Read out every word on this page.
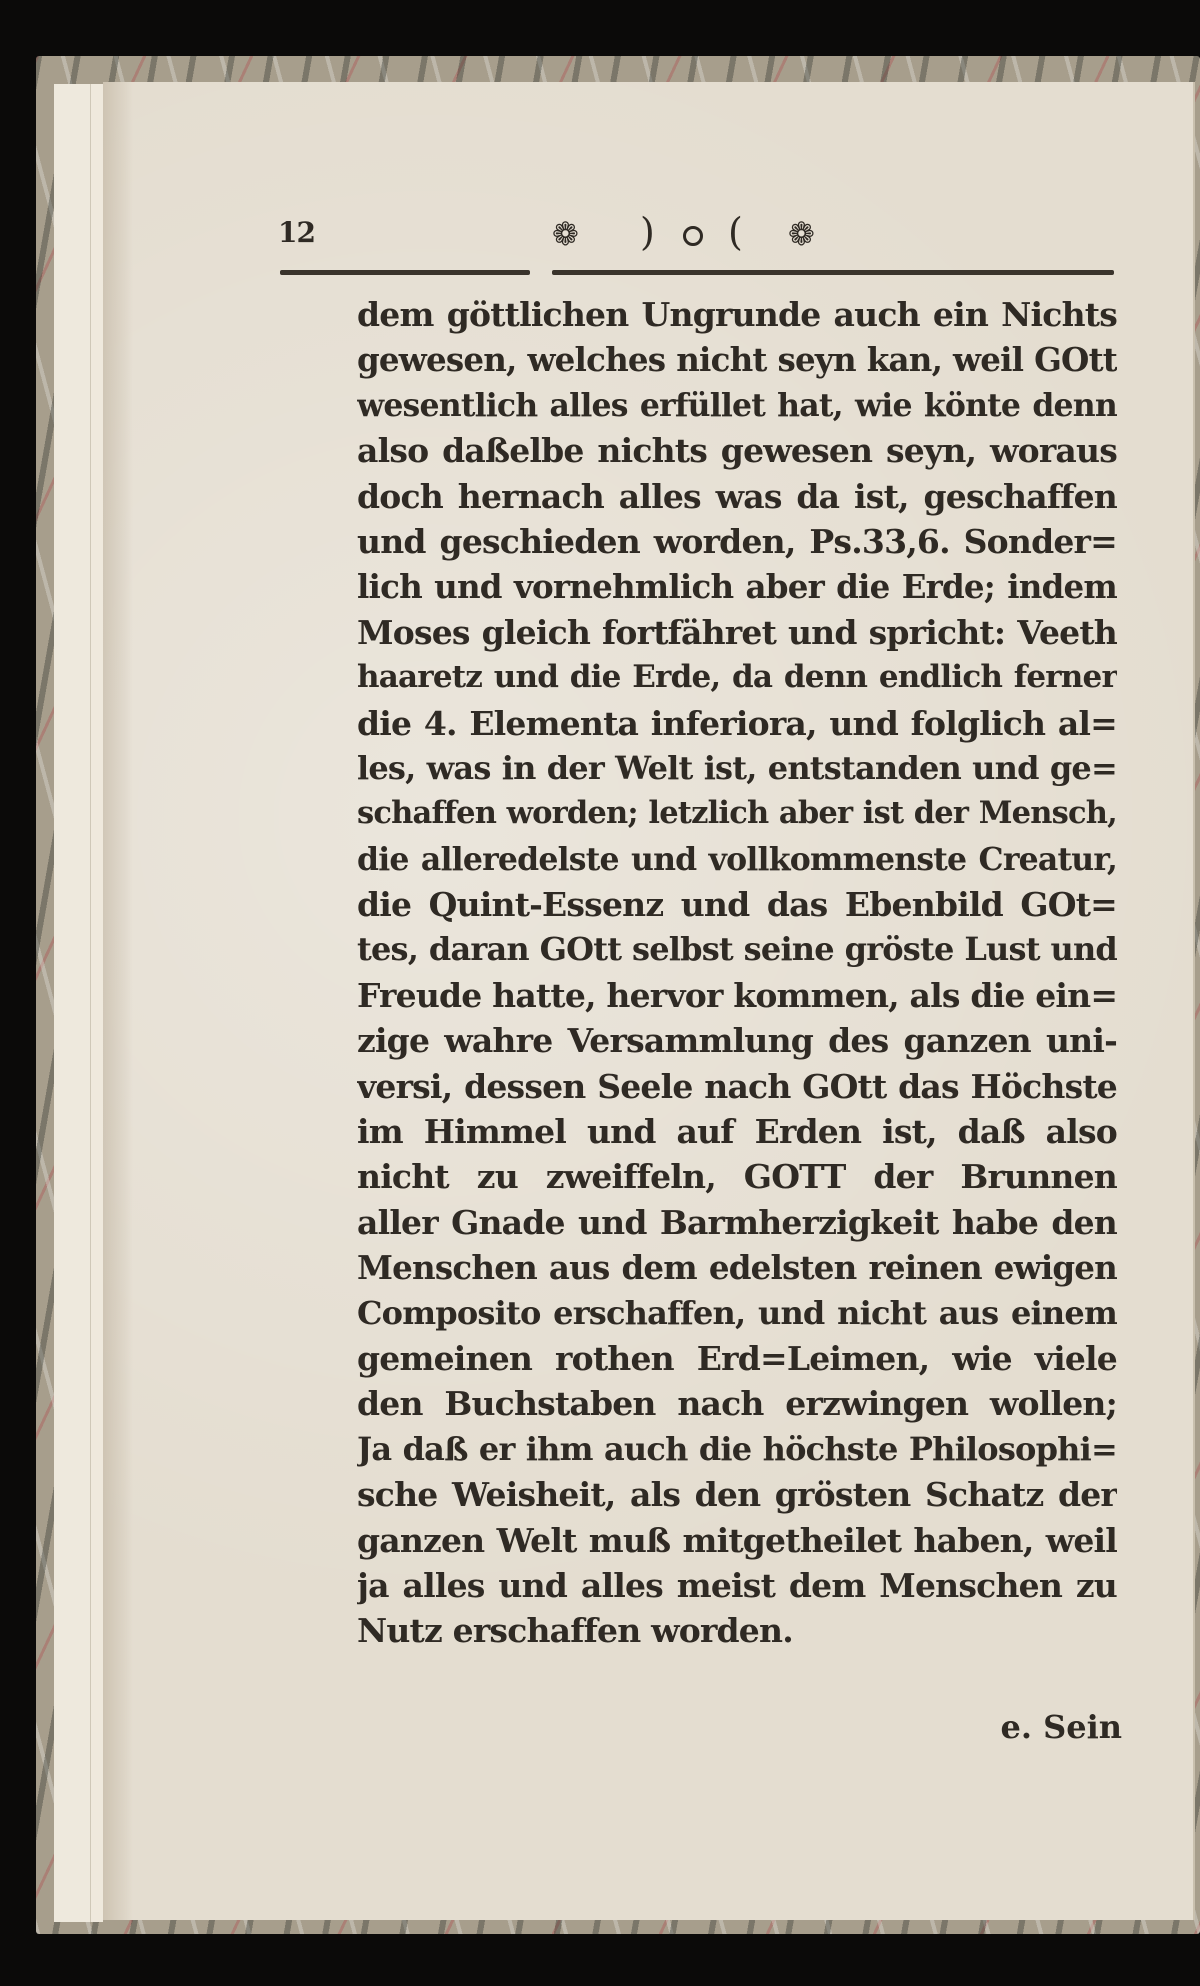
12	❁ ) ( ❁
dem göttlichen Ungrunde auch ein Nichts
gewesen, welches nicht seyn kan, weil GOtt
wesentlich alles erfüllet hat, wie könte denn
also daßelbe nichts gewesen seyn, woraus
doch hernach alles was da ist, geschaffen
und geschieden worden, Ps.33,6. Sonder=
lich und vornehmlich aber die Erde; indem
Moses gleich fortfähret und spricht: Veeth
haaretz und die Erde, da denn endlich ferner
die 4. Elementa inferiora, und folglich al=
les, was in der Welt ist, entstanden und ge=
schaffen worden; letzlich aber ist der Mensch,
die alleredelste und vollkommenste Creatur,
die Quint-Essenz und das Ebenbild GOt=
tes, daran GOtt selbst seine gröste Lust und
Freude hatte, hervor kommen, als die ein=
zige wahre Versammlung des ganzen uni-
versi, dessen Seele nach GOtt das Höchste
im Himmel und auf Erden ist, daß also
nicht zu zweiffeln, GOTT der Brunnen
aller Gnade und Barmherzigkeit habe den
Menschen aus dem edelsten reinen ewigen
Composito erschaffen, und nicht aus einem
gemeinen rothen Erd=Leimen, wie viele
den Buchstaben nach erzwingen wollen;
Ja daß er ihm auch die höchste Philosophi=
sche Weisheit, als den grösten Schatz der
ganzen Welt muß mitgetheilet haben, weil
ja alles und alles meist dem Menschen zu
Nutz erschaffen worden.
e. Sein
